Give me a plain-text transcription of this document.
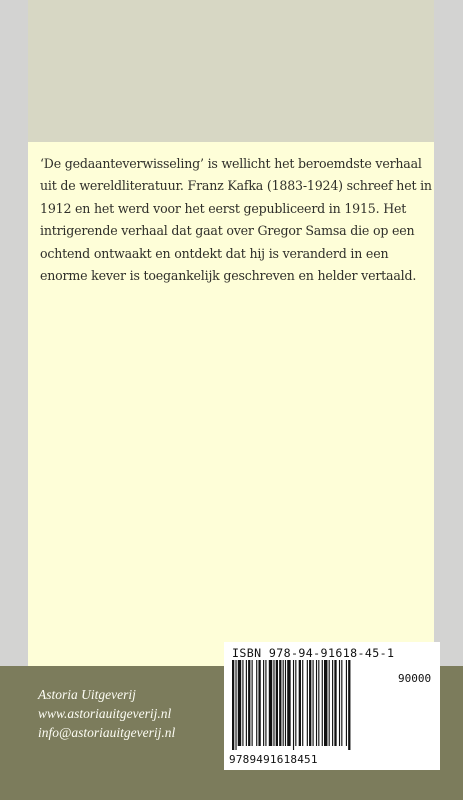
‘De gedaanteverwisseling’ is wellicht het beroemdste verhaal uit de wereldliteratuur. Franz Kafka (1883-1924) schreef het in 1912 en het werd voor het eerst gepubliceerd in 1915. Het intrigerende verhaal dat gaat over Gregor Samsa die op een ochtend ontwaakt en ontdekt dat hij is veranderd in een enorme kever is toegankelijk geschreven en helder vertaald.

Astoria Uitgeverij
www.astoriauitgeverij.nl
info@astoriauitgeverij.nl
ISBN 978-94-91618-45-1
90000
9789491618451
